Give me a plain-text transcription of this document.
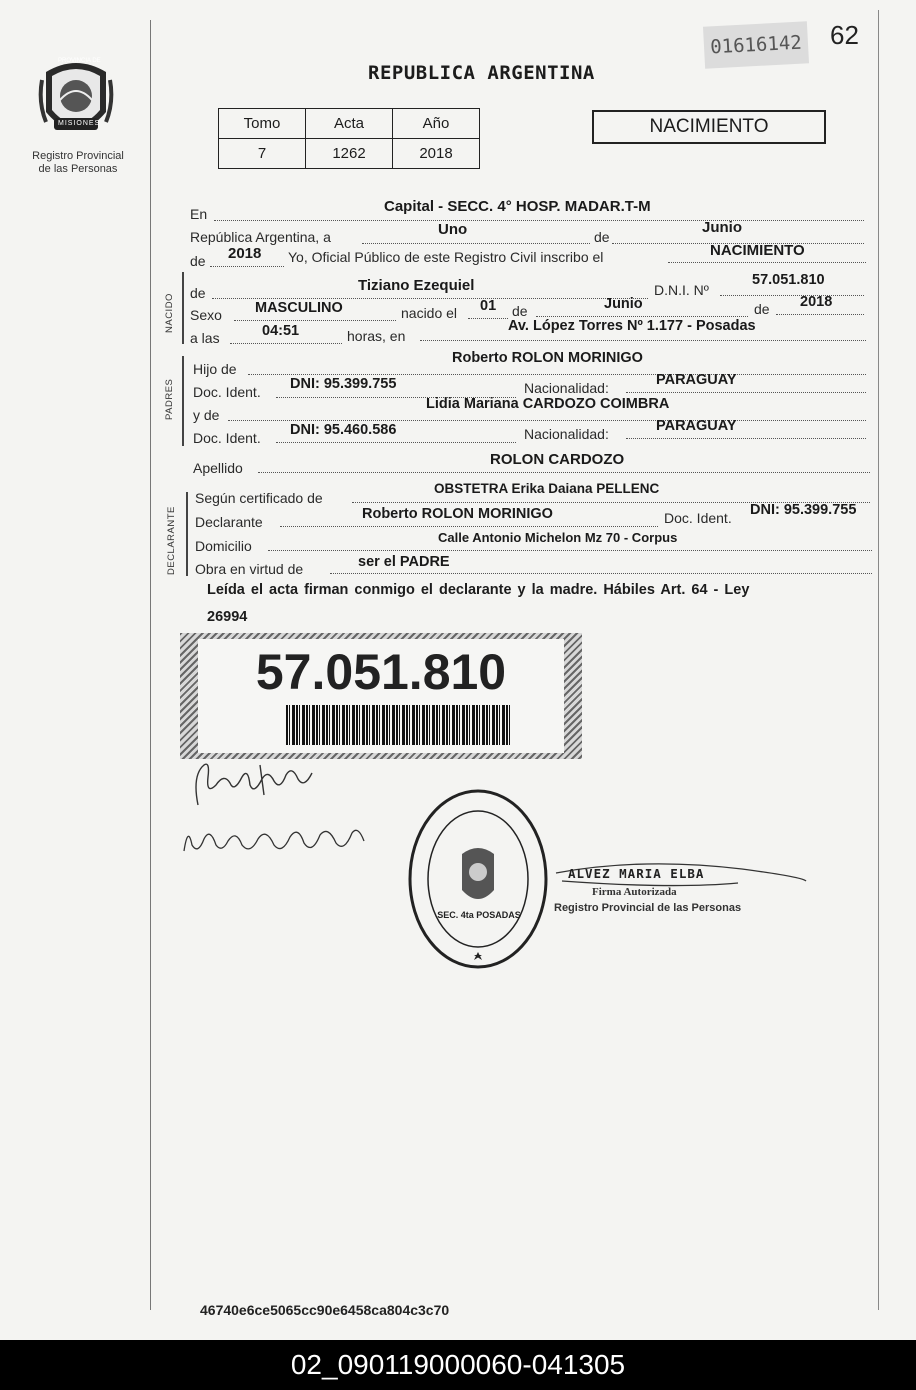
PROVINCIA DE
MISIONES
Registro Provincial
de las Personas
01616142 62
REPUBLICA ARGENTINA
Tomo	Acta	Año
7	1262	2018
NACIMIENTO
En	Capital - SECC. 4° HOSP. MADAR.T-M
República Argentina, a	Uno	de
Junio
de 2018 Yo, Oficial Público de este Registro Civil inscribo el	NACIMIENTO
NACIDO
de	Tiziano Ezequiel	D.N.I. Nº
57.051.810
Sexo MASCULINO	nacido el 01 de	Junio	de 2018
a las	04:51	horas, en
Av. López Torres Nº 1.177 - Posadas
PADRES
Hijo de
Roberto ROLON MORINIGO
Doc. Ident. DNI: 95.399.755	Nacionalidad:	PARAGUAY
y de
Lidia Mariana CARDOZO COIMBRA
Doc. Ident. DNI: 95.460.586	Nacionalidad:	PARAGUAY
Apellido	ROLON CARDOZO
DECLARANTE
Según certificado de
OBSTETRA Erika Daiana PELLENC
Declarante	Roberto ROLON MORINIGO	Doc. Ident. DNI: 95.399.755
Domicilio
Calle Antonio Michelon Mz 70 - Corpus
Obra en virtud de	ser el PADRE
Leída el acta firman conmigo el declarante y la madre. Hábiles Art. 64 - Ley
26994
57.051.810
SEC. 4ta POSADAS
ALVEZ MARIA ELBA
Firma Autorizada
Registro Provincial de las Personas
46740e6ce5065cc90e6458ca804c3c70
02_090119000060-041305
